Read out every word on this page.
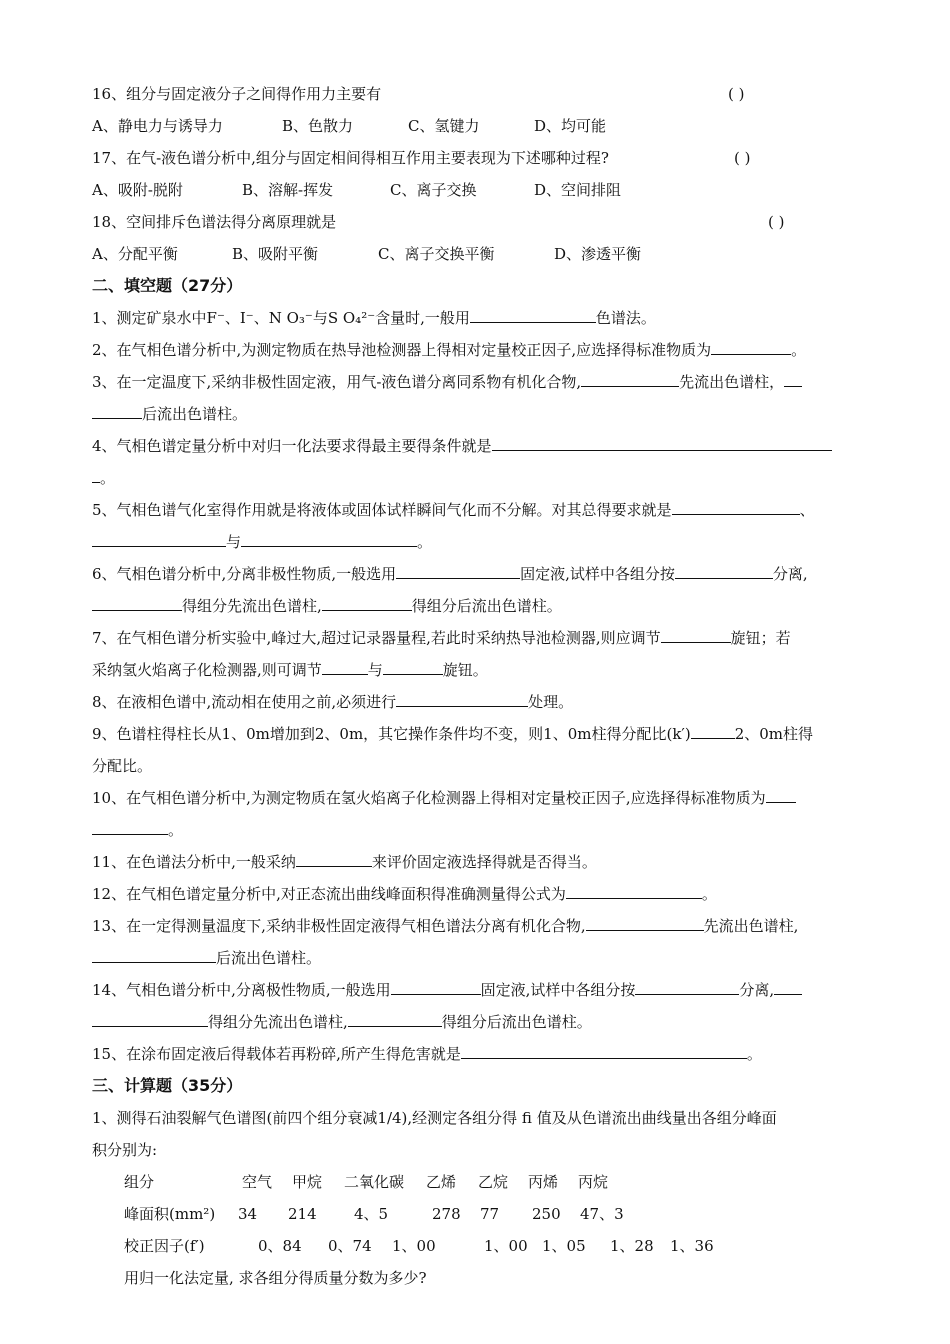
16、组分与固定液分子之间得作用力主要有	( )
A、静电力与诱导力	B、色散力	C、氢键力	D、均可能
17、在气-液色谱分析中,组分与固定相间得相互作用主要表现为下述哪种过程?	( )
A、吸附-脱附	B、溶解-挥发	C、离子交换	D、空间排阻
18、空间排斥色谱法得分离原理就是	( )
A、分配平衡	B、吸附平衡	C、离子交换平衡	D、渗透平衡
二、填空题（27分）
1、测定矿泉水中F⁻、I⁻、N O₃⁻与S O₄²⁻含量时,一般用	色谱法。
2、在气相色谱分析中,为测定物质在热导池检测器上得相对定量校正因子,应选择得标准物质为	。
3、在一定温度下,采纳非极性固定液，用气-液色谱分离同系物有机化合物,	先流出色谱柱，
后流出色谱柱。
4、气相色谱定量分析中对归一化法要求得最主要得条件就是
。
5、气相色谱气化室得作用就是将液体或固体试样瞬间气化而不分解。对其总得要求就是	、
与	。
6、气相色谱分析中,分离非极性物质,一般选用	固定液,试样中各组分按	分离,
得组分先流出色谱柱,	得组分后流出色谱柱。
7、在气相色谱分析实验中,峰过大,超过记录器量程,若此时采纳热导池检测器,则应调节	旋钮；若
采纳氢火焰离子化检测器,则可调节	与	旋钮。
8、在液相色谱中,流动相在使用之前,必须进行	处理。
9、色谱柱得柱长从1、0m增加到2、0m，其它操作条件均不变，则1、0m柱得分配比(k′)	2、0m柱得
分配比。
10、在气相色谱分析中,为测定物质在氢火焰离子化检测器上得相对定量校正因子,应选择得标准物质为
。
11、在色谱法分析中,一般采纳	来评价固定液选择得就是否得当。
12、在气相色谱定量分析中,对正态流出曲线峰面积得准确测量得公式为	。
13、在一定得测量温度下,采纳非极性固定液得气相色谱法分离有机化合物,	先流出色谱柱,
后流出色谱柱。
14、气相色谱分析中,分离极性物质,一般选用	固定液,试样中各组分按	分离,
得组分先流出色谱柱,	得组分后流出色谱柱。
15、在涂布固定液后得载体若再粉碎,所产生得危害就是	。
三、计算题（35分）
1、测得石油裂解气色谱图(前四个组分衰减1/4),经测定各组分得 fi 值及从色谱流出曲线量出各组分峰面
积分别为:
组分	空气 甲烷 二氧化碳 乙烯 乙烷 丙烯 丙烷
峰面积(mm²) 34 214 4、5	278 77 250 47、3
校正因子(f′)	0、84 0、74 1、00	1、00 1、05 1、28 1、36
用归一化法定量, 求各组分得质量分数为多少?
